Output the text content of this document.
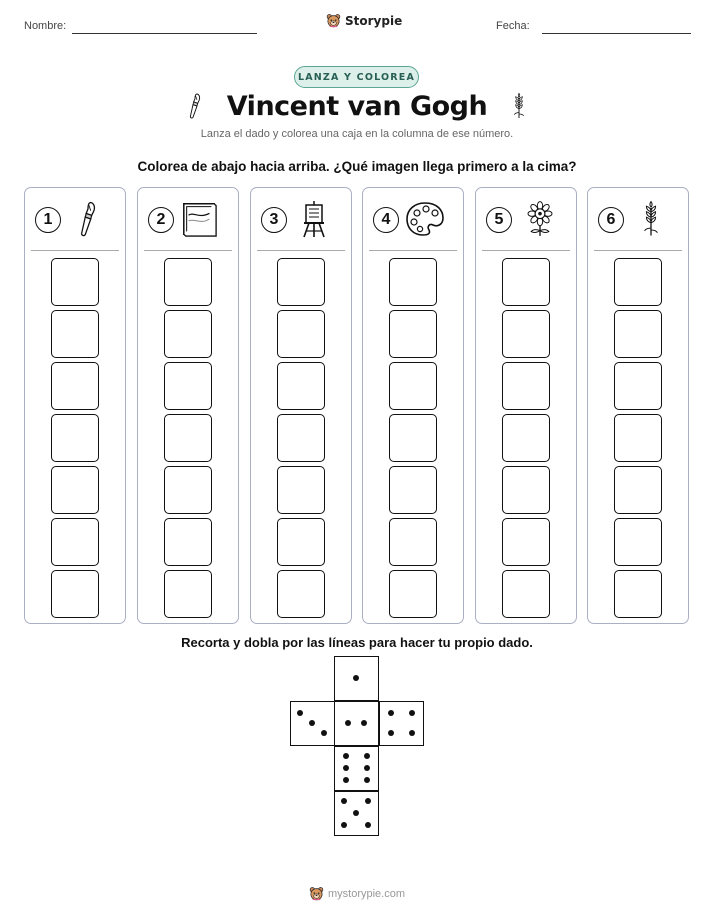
Nombre:	Storypie	Fecha:
LANZA Y COLOREA
Vincent van Gogh

Lanza el dado y colorea una caja en la columna de ese número.

Colorea de abajo hacia arriba. ¿Qué imagen llega primero a la cima?

1	2	3	4	5	6

Recorta y dobla por las líneas para hacer tu propio dado.

mystorypie.com
